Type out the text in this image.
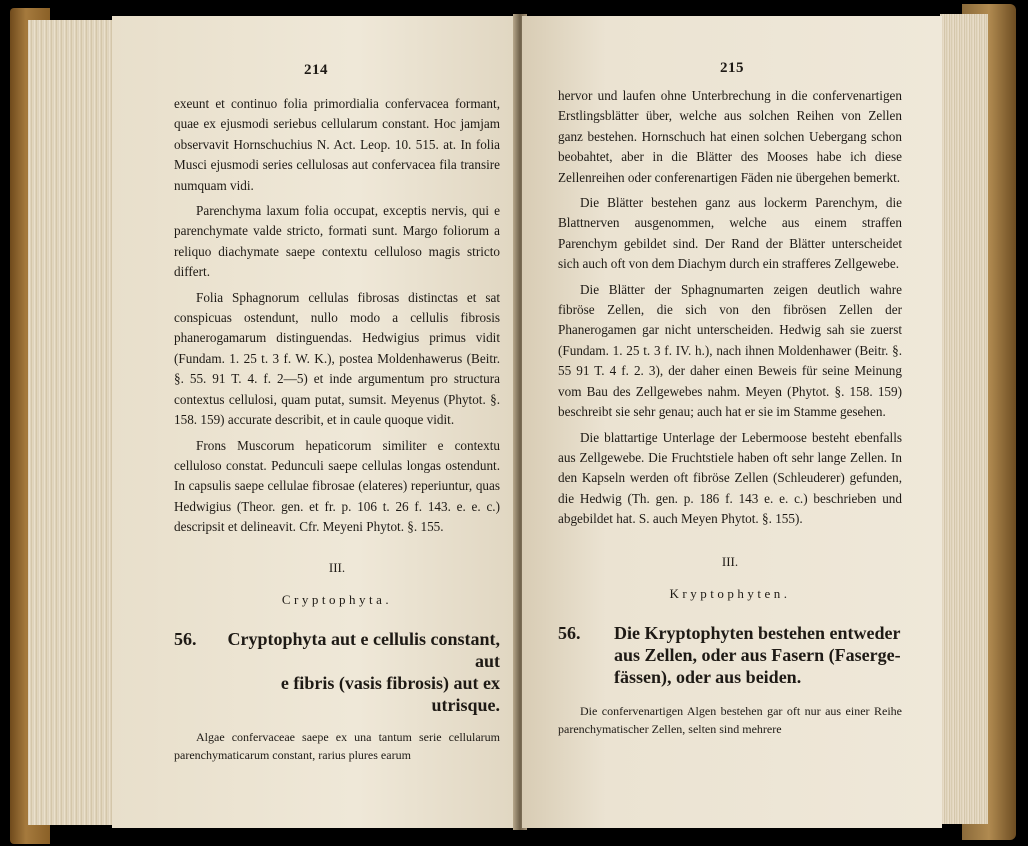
214

exeunt et continuo folia primordialia confervacea formant, quae ex ejusmodi seriebus cellularum constant. Hoc jamjam observavit Hornschuchius N. Act. Leop. 10. 515. at. In folia Musci ejusmodi series cellulosas aut confervacea fila transire numquam vidi.

Parenchyma laxum folia occupat, exceptis nervis, qui e parenchymate valde stricto, formati sunt. Margo foliorum a reliquo diachymate saepe contextu celluloso magis stricto differt.

Folia Sphagnorum cellulas fibrosas distinctas et sat conspicuas ostendunt, nullo modo a cellulis fibrosis phanerogamarum distinguendas. Hedwigius primus vidit (Fundam. 1. 25 t. 3 f. W. K.), postea Moldenhawerus (Beitr. §. 55. 91 T. 4. f. 2—5) et inde argumentum pro structura contextus cellulosi, quam putat, sumsit. Meyenus (Phytot. §. 158. 159) accurate describit, et in caule quoque vidit.

Frons Muscorum hepaticorum similiter e contextu celluloso constat. Pedunculi saepe cellulas longas ostendunt. In capsulis saepe cellulae fibrosae (elateres) reperiuntur, quas Hedwigius (Theor. gen. et fr. p. 106 t. 26 f. 143. e. e. c.) descripsit et delineavit. Cfr. Meyeni Phytot. §. 155.

III.

Cryptophyta.

56.	Cryptophyta aut e cellulis constant, aut
e fibris (vasis fibrosis) aut ex utrisque.

Algae confervaceae saepe ex una tantum serie cellularum parenchymaticarum constant, rarius plures earum

215

hervor und laufen ohne Unterbrechung in die confervenartigen Erstlingsblätter über, welche aus solchen Reihen von Zellen ganz bestehen. Hornschuch hat einen solchen Uebergang schon beobahtet, aber in die Blätter des Mooses habe ich diese Zellenreihen oder conferenartigen Fäden nie übergehen bemerkt.

Die Blätter bestehen ganz aus lockerm Parenchym, die Blattnerven ausgenommen, welche aus einem straffen Parenchym gebildet sind. Der Rand der Blätter unterscheidet sich auch oft von dem Diachym durch ein strafferes Zellgewebe.

Die Blätter der Sphagnumarten zeigen deutlich wahre fibröse Zellen, die sich von den fibrösen Zellen der Phanerogamen gar nicht unterscheiden. Hedwig sah sie zuerst (Fundam. 1. 25 t. 3 f. IV. h.), nach ihnen Moldenhawer (Beitr. §. 55 91 T. 4 f. 2. 3), der daher einen Beweis für seine Meinung vom Bau des Zellgewebes nahm. Meyen (Phytot. §. 158. 159) beschreibt sie sehr genau; auch hat er sie im Stamme gesehen.

Die blattartige Unterlage der Lebermoose besteht ebenfalls aus Zellgewebe. Die Fruchtstiele haben oft sehr lange Zellen. In den Kapseln werden oft fibröse Zellen (Schleuderer) gefunden, die Hedwig (Th. gen. p. 186 f. 143 e. e. c.) beschrieben und abgebildet hat. S. auch Meyen Phytot. §. 155).

III.

Kryptophyten.

56. Die Kryptophyten bestehen entweder
aus Zellen, oder aus Fasern (Faserge-
fässen), oder aus beiden.

Die confervenartigen Algen bestehen gar oft nur aus einer Reihe parenchymatischer Zellen, selten sind mehrere
